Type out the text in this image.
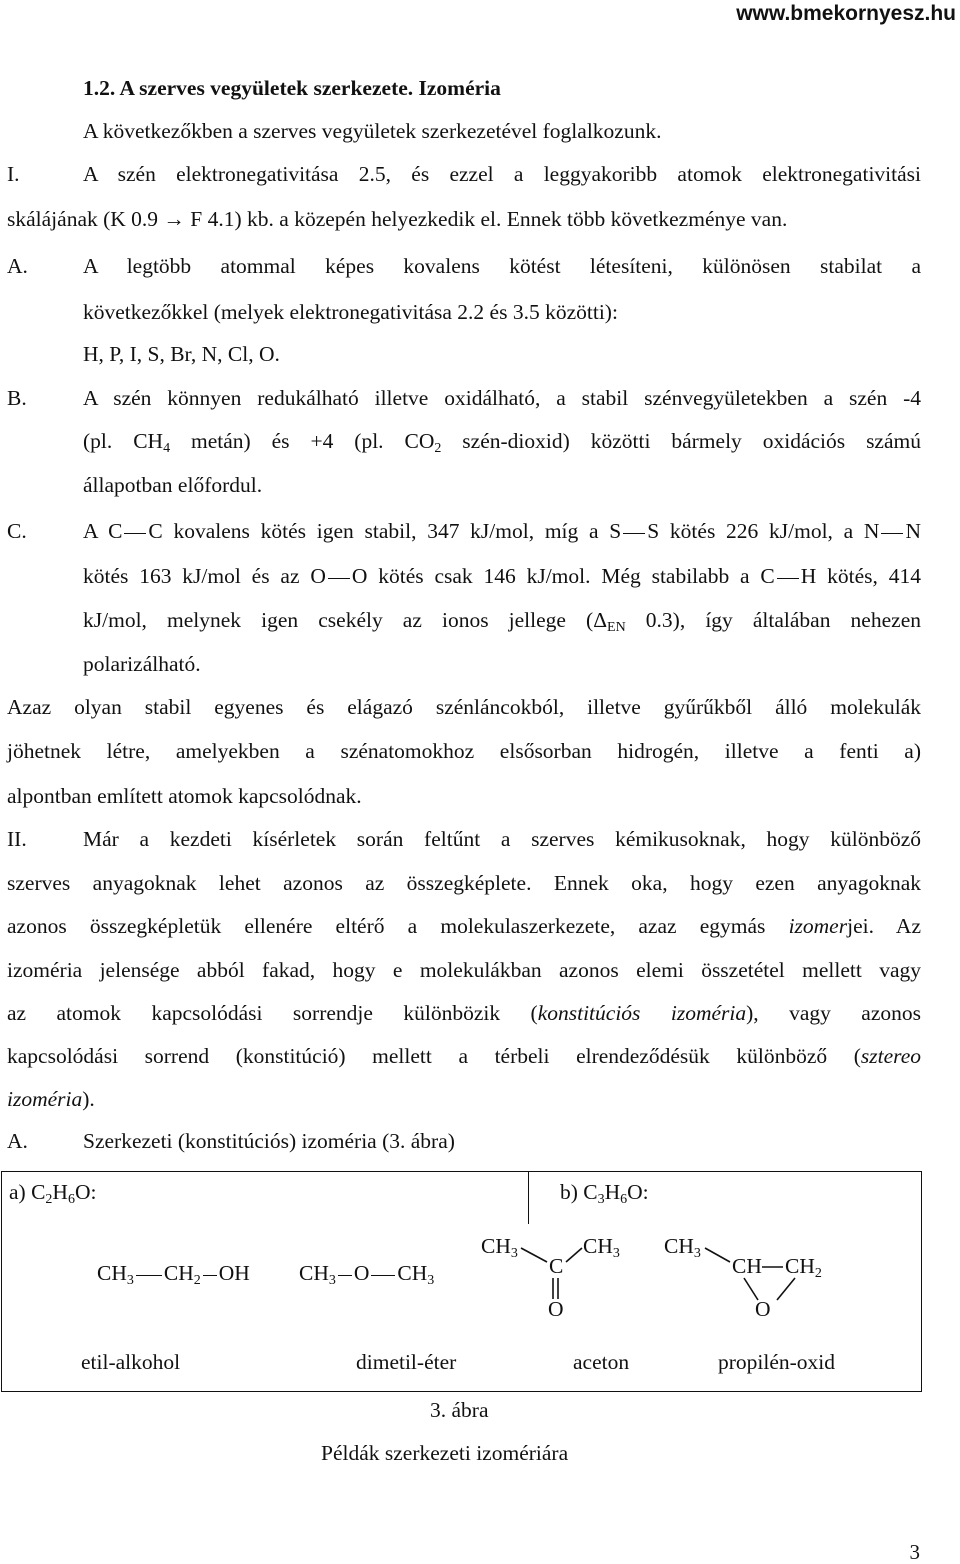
www.bmekornyesz.hu
1.2. A szerves vegyületek szerkezete. Izoméria
A következőkben a szerves vegyületek szerkezetével foglalkozunk.
I.	A szén elektronegativitása 2.5, és ezzel a leggyakoribb atomok elektronegativitási
skálájának (K 0.9 → F 4.1) kb. a közepén helyezkedik el. Ennek több következménye van.
A.	A legtöbb atommal képes kovalens kötést létesíteni, különösen stabilat a
következőkkel (melyek elektronegativitása 2.2 és 3.5 közötti):
H, P, I, S, Br, N, Cl, O.
B.	A szén könnyen redukálható illetve oxidálható, a stabil szénvegyületekben a szén -4
(pl. $CH_4$ metán) és +4 (pl. $CO_2$ szén-dioxid) közötti bármely oxidációs számú
állapotban előfordul.
C.	A C C kovalens kötés igen stabil, 347 kJ/mol, míg a S S kötés 226 kJ/mol, a N N
kötés 163 kJ/mol és az O O kötés csak 146 kJ/mol. Még stabilabb a C H kötés, 414
kJ/mol, melynek igen csekély az ionos jellege ($\Delta_{EN}$ 0.3), így általában nehezen
polarizálható.
Azaz olyan stabil egyenes és elágazó szénláncokból, illetve gyűrűkből álló molekulák
jöhetnek létre, amelyekben a szénatomokhoz elsősorban hidrogén, illetve a fenti a)
alpontban említett atomok kapcsolódnak.
II.	Már a kezdeti kísérletek során feltűnt a szerves kémikusoknak, hogy különböző
szerves anyagoknak lehet azonos az összegképlete. Ennek oka, hogy ezen anyagoknak
azonos összegképletük ellenére eltérő a molekulaszerkezete, azaz egymás izomerjei. Az
izoméria jelensége abból fakad, hogy e molekulákban azonos elemi összetétel mellett vagy
az atomok kapcsolódási sorrendje különbözik (konstitúciós izoméria), vagy azonos
kapcsolódási sorrend (konstitúció) mellett a térbeli elrendeződésük különböző (sztereo
izoméria).
A.	Szerkezeti (konstitúciós) izoméria (3. ábra)
a) $C_2H_6O$:	b) $C_3H_6O$:
$CH_3$ $CH_2$ OH $CH_3$ O $CH_3$
$CH_3$
C
$CH_3$
O
$CH_3$
CH $CH_2$
O
etil-alkohol	dimetil-éter	aceton	propilén-oxid
3. ábra
Példák szerkezeti izomériára
3
